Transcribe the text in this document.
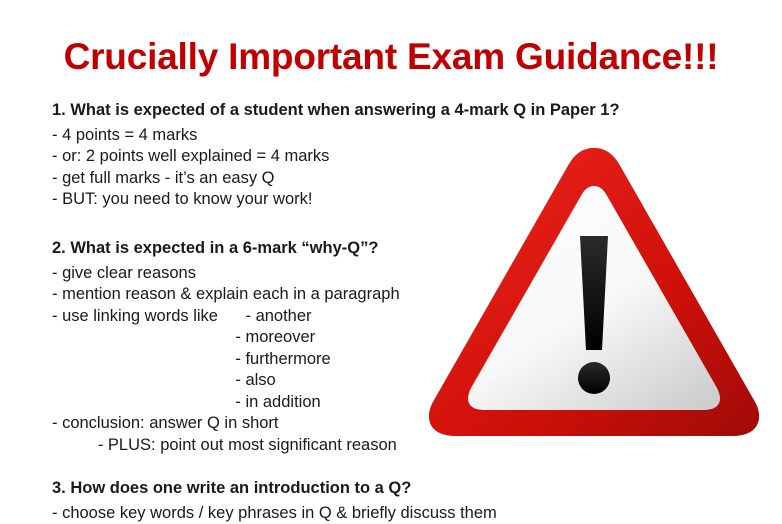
Crucially Important Exam Guidance!!!

1. What is expected of a student when answering a 4-mark Q in Paper 1?

- 4 points = 4 marks

- or: 2 points well explained = 4 marks

- get full marks - it’s an easy Q

- BUT: you need to know your work!

2. What is expected in a 6-mark “why-Q”?

- give clear reasons

- mention reason & explain each in a paragraph

- use linking words like      - another

- moreover

- furthermore

- also

- in addition

- conclusion: answer Q in short

- PLUS: point out most significant reason

3. How does one write an introduction to a Q?

- choose key words / key phrases in Q & briefly discuss them
